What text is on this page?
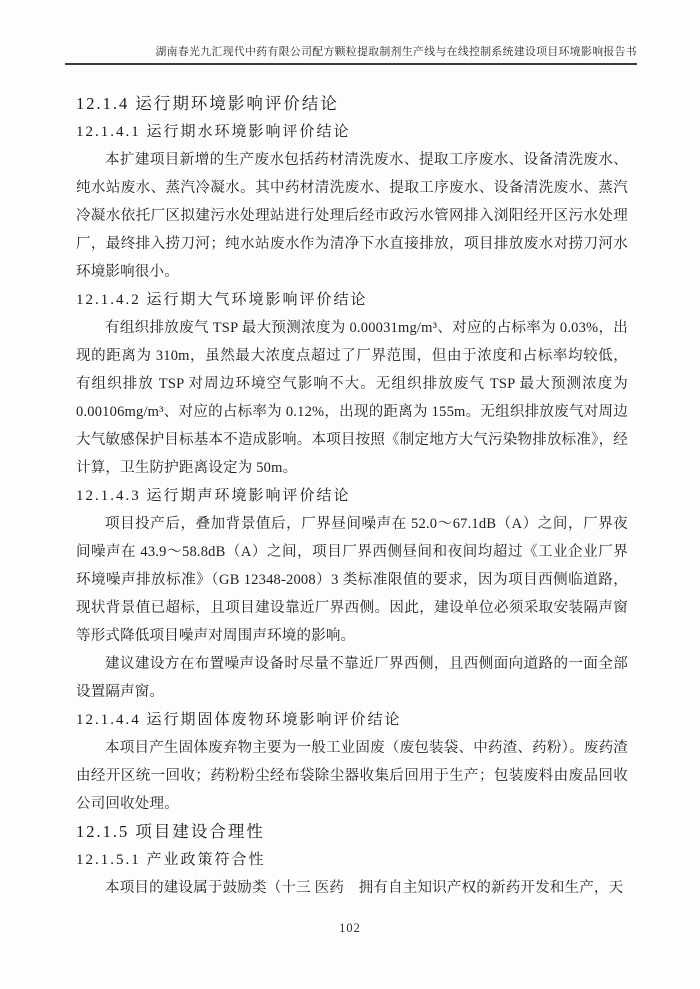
湖南春光九汇现代中药有限公司配方颗粒提取制剂生产线与在线控制系统建设项目环境影响报告书
12.1.4 运行期环境影响评价结论
12.1.4.1 运行期水环境影响评价结论
本扩建项目新增的生产废水包括药材清洗废水、提取工序废水、设备清洗废水、纯水站废水、蒸汽冷凝水。其中药材清洗废水、提取工序废水、设备清洗废水、蒸汽冷凝水依托厂区拟建污水处理站进行处理后经市政污水管网排入浏阳经开区污水处理厂，最终排入捞刀河；纯水站废水作为清净下水直接排放，项目排放废水对捞刀河水环境影响很小。
12.1.4.2 运行期大气环境影响评价结论
有组织排放废气 TSP 最大预测浓度为 0.00031mg/m³、对应的占标率为 0.03%，出现的距离为 310m，虽然最大浓度点超过了厂界范围，但由于浓度和占标率均较低，有组织排放 TSP 对周边环境空气影响不大。无组织排放废气 TSP 最大预测浓度为 0.00106mg/m³、对应的占标率为 0.12%，出现的距离为 155m。无组织排放废气对周边大气敏感保护目标基本不造成影响。本项目按照《制定地方大气污染物排放标准》，经计算，卫生防护距离设定为 50m。
12.1.4.3 运行期声环境影响评价结论
项目投产后，叠加背景值后，厂界昼间噪声在 52.0～67.1dB（A）之间，厂界夜间噪声在 43.9～58.8dB（A）之间，项目厂界西侧昼间和夜间均超过《工业企业厂界环境噪声排放标准》（GB 12348-2008）3 类标准限值的要求，因为项目西侧临道路，现状背景值已超标，且项目建设靠近厂界西侧。因此，建设单位必须采取安装隔声窗等形式降低项目噪声对周围声环境的影响。
建议建设方在布置噪声设备时尽量不靠近厂界西侧，且西侧面向道路的一面全部设置隔声窗。
12.1.4.4 运行期固体废物环境影响评价结论
本项目产生固体废弃物主要为一般工业固废（废包装袋、中药渣、药粉）。废药渣由经开区统一回收；药粉粉尘经布袋除尘器收集后回用于生产；包装废料由废品回收公司回收处理。
12.1.5 项目建设合理性
12.1.5.1 产业政策符合性
本项目的建设属于鼓励类（十三 医药　拥有自主知识产权的新药开发和生产，天
102
